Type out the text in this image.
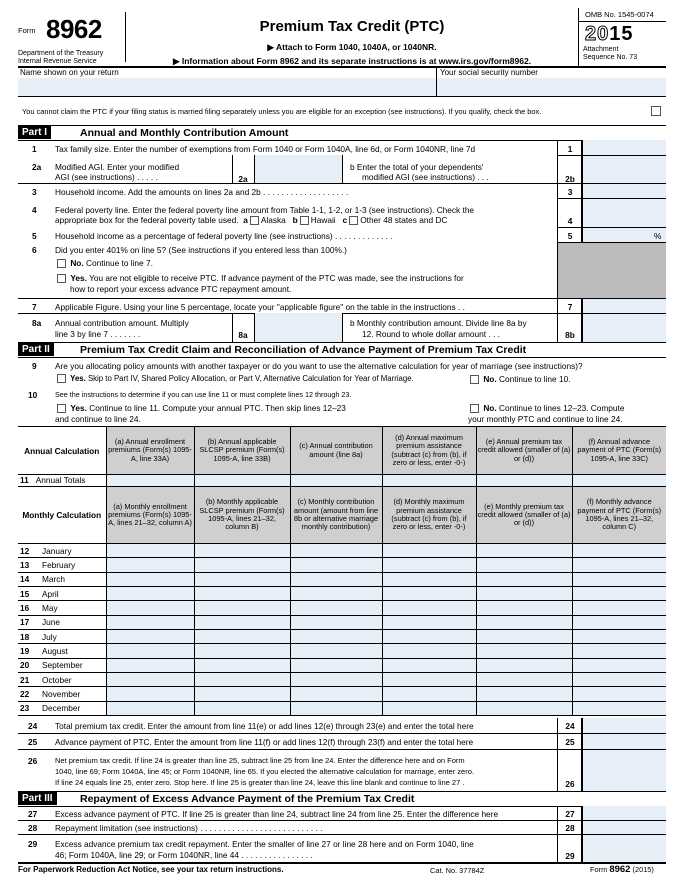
Form 8962
Department of the Treasury
Internal Revenue Service
Premium Tax Credit (PTC)
▶ Attach to Form 1040, 1040A, or 1040NR.
▶ Information about Form 8962 and its separate instructions is at www.irs.gov/form8962.
OMB No. 1545-0074
2015
Attachment
Sequence No. 73
Name shown on your return	Your social security number
You cannot claim the PTC if your filing status is married filing separately unless you are eligible for an exception (see instructions). If you qualify, check the box.
Part I	Annual and Monthly Contribution Amount
1 Tax family size. Enter the number of exemptions from Form 1040 or Form 1040A, line 6d, or Form 1040NR, line 7d	1
2a Modified AGI. Enter your modified
AGI (see instructions) . . . . .	2a
b Enter the total of your dependents'
modified AGI (see instructions) . . .	2b
3 Household income. Add the amounts on lines 2a and 2b . . . . . . . . . . . . . . . . . . .	3
4 Federal poverty line. Enter the federal poverty line amount from Table 1-1, 1-2, or 1-3 (see instructions). Check the
appropriate box for the federal poverty table used. a Alaska b Hawaii c Other 48 states and DC	4
5 Household income as a percentage of federal poverty line (see instructions) . . . . . . . . . . . . .	5	%
6 Did you enter 401% on line 5? (See instructions if you entered less than 100%.)
No. Continue to line 7.
Yes. You are not eligible to receive PTC. If advance payment of the PTC was made, see the instructions for
how to report your excess advance PTC repayment amount.
7 Applicable Figure. Using your line 5 percentage, locate your "applicable figure" on the table in the instructions . .	7
8a Annual contribution amount. Multiply
line 3 by line 7 . . . . . . .	8a
b Monthly contribution amount. Divide line 8a by
12. Round to whole dollar amount . . .	8b
Part II	Premium Tax Credit Claim and Reconciliation of Advance Payment of Premium Tax Credit
9 Are you allocating policy amounts with another taxpayer or do you want to use the alternative calculation for year of marriage (see instructions)?
Yes. Skip to Part IV, Shared Policy Allocation, or Part V, Alternative Calculation for Year of Marriage.	No. Continue to line 10.
10 See the instructions to determine if you can use line 11 or must complete lines 12 through 23.
Yes. Continue to line 11. Compute your annual PTC. Then skip lines 12–23
and continue to line 24.
No. Continue to lines 12–23. Compute
your monthly PTC and continue to line 24.
Annual Calculation	(a) Annual enrollment premiums (Form(s) 1095-A, line 33A)	(b) Annual applicable SLCSP premium (Form(s) 1095-A, line 33B)	(c) Annual contribution amount (line 8a)	(d) Annual maximum premium assistance (subtract (c) from (b), if zero or less, enter -0-)	(e) Annual premium tax credit allowed (smaller of (a) or (d))	(f) Annual advance payment of PTC (Form(s) 1095-A, line 33C)
11 Annual Totals						
Monthly Calculation	(a) Monthly enrollment premiums (Form(s) 1095-A, lines 21–32, column A)	(b) Monthly applicable SLCSP premium (Form(s) 1095-A, lines 21–32, column B)	(c) Monthly contribution amount (amount from line 8b or alternative marriage monthly contribution)	(d) Monthly maximum premium assistance (subtract (c) from (b), if zero or less, enter -0-)	(e) Monthly premium tax credit allowed (smaller of (a) or (d))	(f) Monthly advance payment of PTC (Form(s) 1095-A, lines 21–32, column C)
12 January						
13 February						
14 March						
15 April						
16 May						
17 June						
18 July						
19 August						
20 September						
21 October						
22 November						
23 December						
24 Total premium tax credit. Enter the amount from line 11(e) or add lines 12(e) through 23(e) and enter the total here	24
25 Advance payment of PTC. Enter the amount from line 11(f) or add lines 12(f) through 23(f) and enter the total here	25
26 Net premium tax credit. If line 24 is greater than line 25, subtract line 25 from line 24. Enter the difference here and on Form
1040, line 69; Form 1040A, line 45; or Form 1040NR, line 65. If you elected the alternative calculation for marriage, enter zero.
If line 24 equals line 25, enter zero. Stop here. If line 25 is greater than line 24, leave this line blank and continue to line 27 .	26
Part III	Repayment of Excess Advance Payment of the Premium Tax Credit
27 Excess advance payment of PTC. If line 25 is greater than line 24, subtract line 24 from line 25. Enter the difference here	27
28 Repayment limitation (see instructions) . . . . . . . . . . . . . . . . . . . . . . . . . . .	28
29 Excess advance premium tax credit repayment. Enter the smaller of line 27 or line 28 here and on Form 1040, line
46; Form 1040A, line 29; or Form 1040NR, line 44 . . . . . . . . . . . . . . . .	29
For Paperwork Reduction Act Notice, see your tax return instructions.	Cat. No. 37784Z	Form 8962 (2015)
